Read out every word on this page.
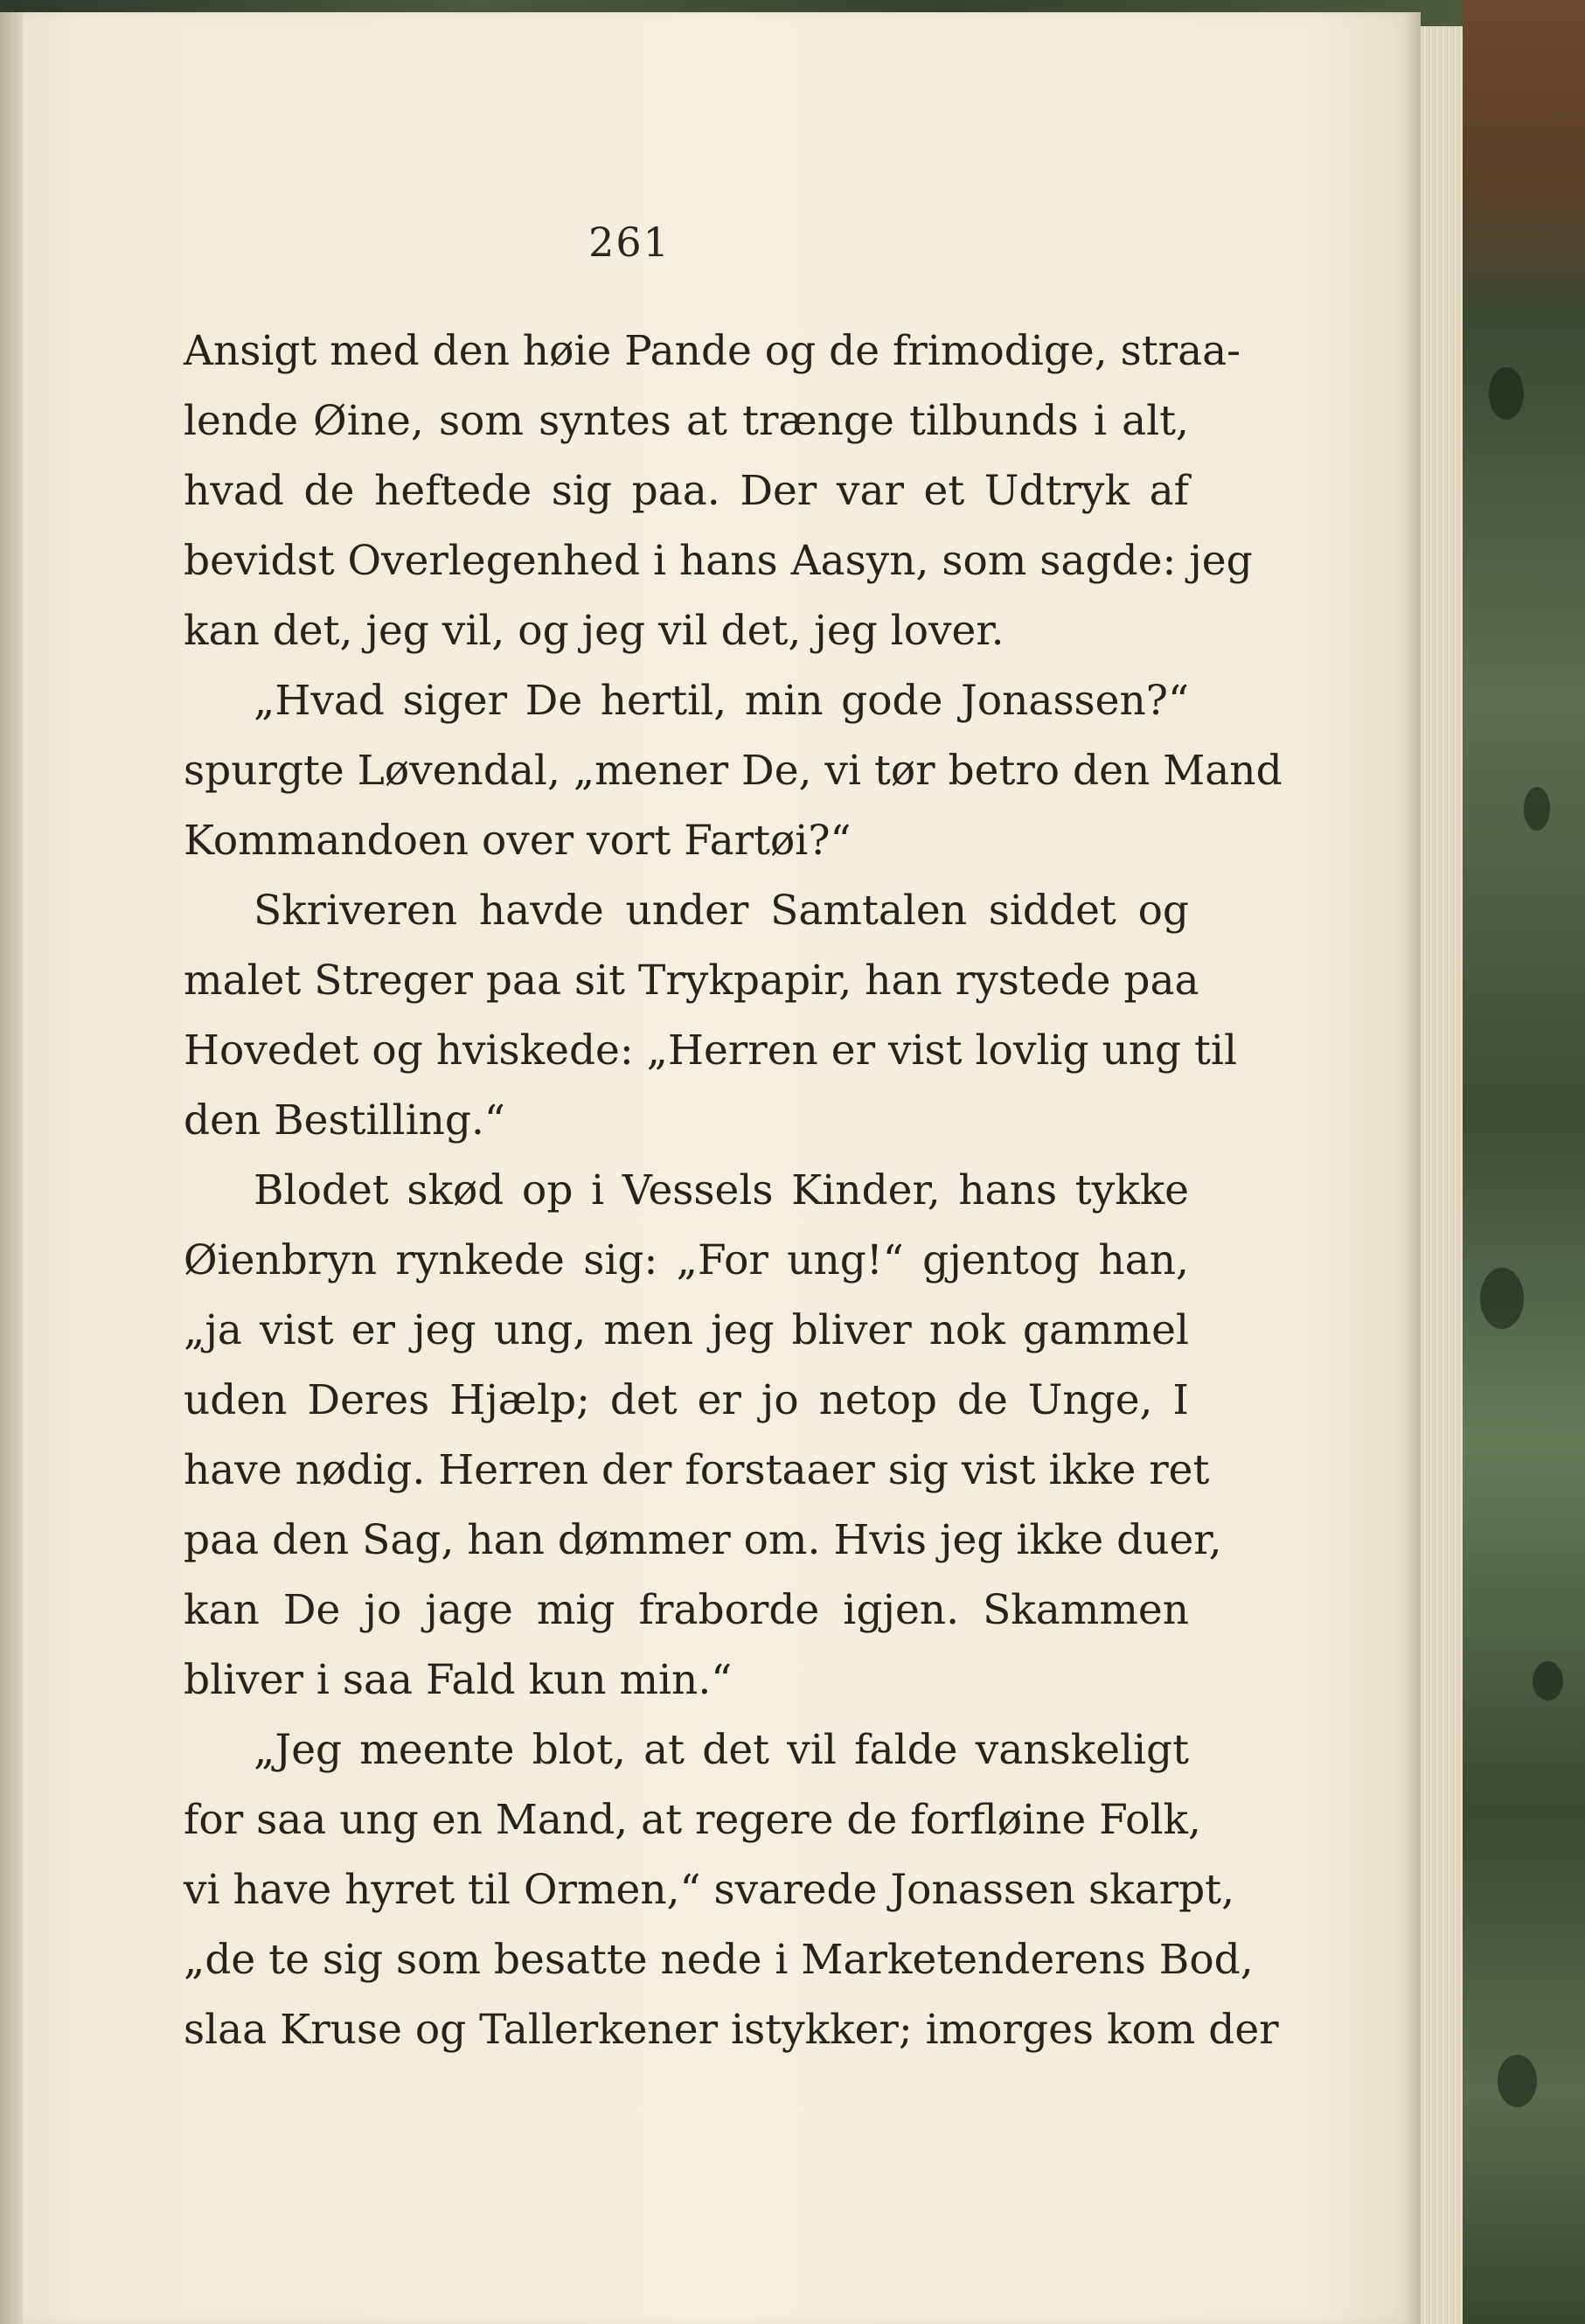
261
Ansigt med den høie Pande og de frimodige, straa-
lende Øine, som syntes at trænge tilbunds i alt,
hvad de heftede sig paa. Der var et Udtryk af
bevidst Overlegenhed i hans Aasyn, som sagde: jeg
kan det, jeg vil, og jeg vil det, jeg lover.
„Hvad siger De hertil, min gode Jonassen?“
spurgte Løvendal, „mener De, vi tør betro den Mand
Kommandoen over vort Fartøi?“
Skriveren havde under Samtalen siddet og
malet Streger paa sit Trykpapir, han rystede paa
Hovedet og hviskede: „Herren er vist lovlig ung til
den Bestilling.“
Blodet skød op i Vessels Kinder, hans tykke
Øienbryn rynkede sig: „For ung!“ gjentog han,
„ja vist er jeg ung, men jeg bliver nok gammel
uden Deres Hjælp; det er jo netop de Unge, I
have nødig. Herren der forstaaer sig vist ikke ret
paa den Sag, han dømmer om. Hvis jeg ikke duer,
kan De jo jage mig fraborde igjen. Skammen
bliver i saa Fald kun min.“
„Jeg meente blot, at det vil falde vanskeligt
for saa ung en Mand, at regere de forfløine Folk,
vi have hyret til Ormen,“ svarede Jonassen skarpt,
„de te sig som besatte nede i Marketenderens Bod,
slaa Kruse og Tallerkener istykker; imorges kom der
